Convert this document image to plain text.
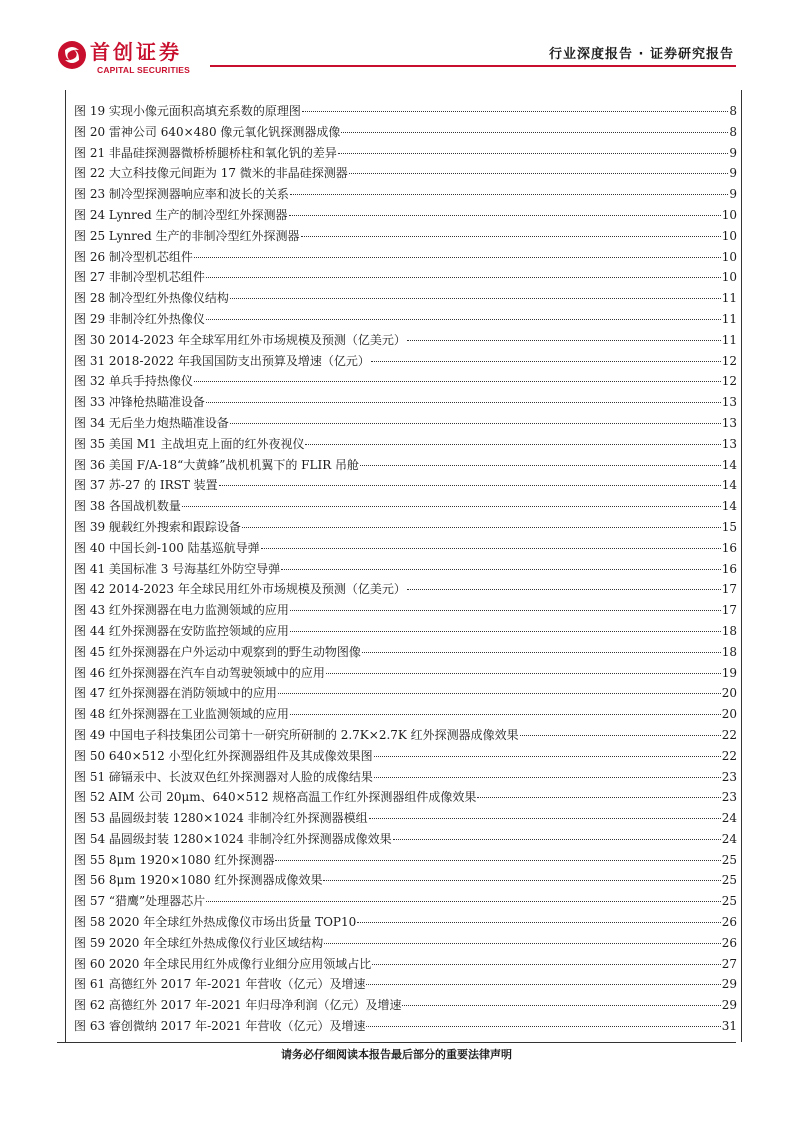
首创证券
CAPITAL SECURITIES
行业深度报告 · 证券研究报告
图 19 实现小像元面积高填充系数的原理图	8
图 20 雷神公司 640×480 像元氧化钒探测器成像	8
图 21 非晶硅探测器微桥桥腿桥柱和氧化钒的差异	9
图 22 大立科技像元间距为 17 微米的非晶硅探测器	9
图 23 制冷型探测器响应率和波长的关系	9
图 24 Lynred 生产的制冷型红外探测器	10
图 25 Lynred 生产的非制冷型红外探测器	10
图 26 制冷型机芯组件	10
图 27 非制冷型机芯组件	10
图 28 制冷型红外热像仪结构	11
图 29 非制冷红外热像仪	11
图 30 2014-2023 年全球军用红外市场规模及预测（亿美元）	11
图 31 2018-2022 年我国国防支出预算及增速（亿元）	12
图 32 单兵手持热像仪	12
图 33 冲锋枪热瞄准设备	13
图 34 无后坐力炮热瞄准设备	13
图 35 美国 M1 主战坦克上面的红外夜视仪	13
图 36 美国 F/A-18“大黄蜂”战机机翼下的 FLIR 吊舱	14
图 37 苏-27 的 IRST 装置	14
图 38 各国战机数量	14
图 39 舰载红外搜索和跟踪设备	15
图 40 中国长剑-100 陆基巡航导弹	16
图 41 美国标准 3 号海基红外防空导弹	16
图 42 2014-2023 年全球民用红外市场规模及预测（亿美元）	17
图 43 红外探测器在电力监测领域的应用	17
图 44 红外探测器在安防监控领域的应用	18
图 45 红外探测器在户外运动中观察到的野生动物图像	18
图 46 红外探测器在汽车自动驾驶领域中的应用	19
图 47 红外探测器在消防领域中的应用	20
图 48 红外探测器在工业监测领域的应用	20
图 49 中国电子科技集团公司第十一研究所研制的 2.7K×2.7K 红外探测器成像效果	22
图 50 640×512 小型化红外探测器组件及其成像效果图	22
图 51 碲镉汞中、长波双色红外探测器对人脸的成像结果	23
图 52 AIM 公司 20μm、640×512 规格高温工作红外探测器组件成像效果	23
图 53 晶圆级封装 1280×1024 非制冷红外探测器模组	24
图 54 晶圆级封装 1280×1024 非制冷红外探测器成像效果	24
图 55 8μm 1920×1080 红外探测器	25
图 56 8μm 1920×1080 红外探测器成像效果	25
图 57 “猎鹰”处理器芯片	25
图 58 2020 年全球红外热成像仪市场出货量 TOP10	26
图 59 2020 年全球红外热成像仪行业区域结构	26
图 60 2020 年全球民用红外成像行业细分应用领域占比	27
图 61 高德红外 2017 年-2021 年营收（亿元）及增速	29
图 62 高德红外 2017 年-2021 年归母净利润（亿元）及增速	29
图 63 睿创微纳 2017 年-2021 年营收（亿元）及增速	31
请务必仔细阅读本报告最后部分的重要法律声明
